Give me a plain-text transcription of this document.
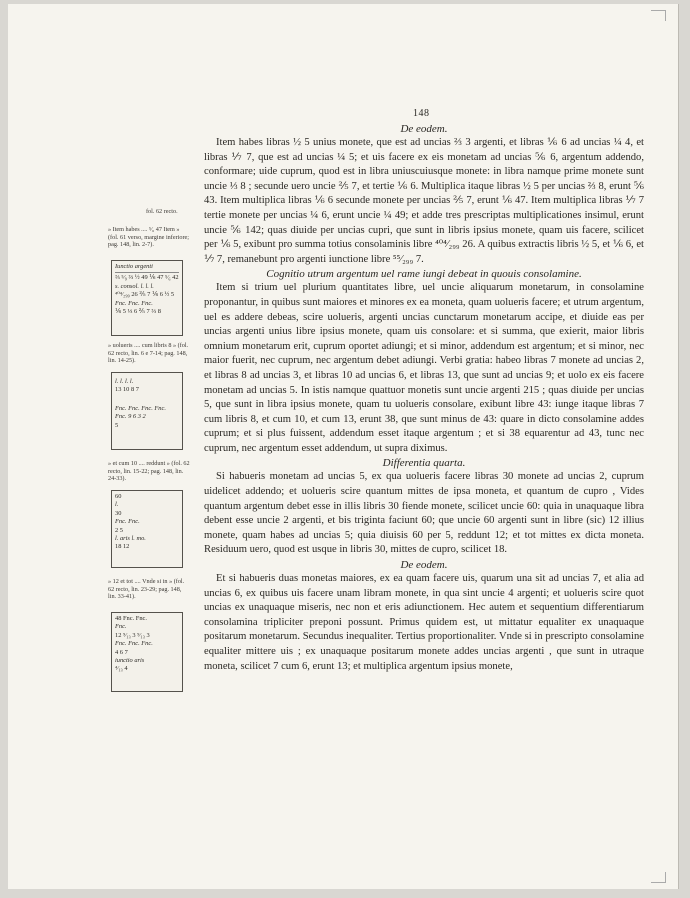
148
fol. 62 recto.
» Item habes .... ⁵⁄₆ 47 Item » (fol. 61 verso, margine inferiore; pag. 148, lin. 2-7).
Iunctio argenti
⅔ ⁵⁄₉ ⅔ ½ 49 ⅙ 47 ⁵⁄₆ 42
s. consol. l. l. l.
⁴⁰⁴⁄₂₉₉ 26 ⅖ 7 ⅙ 6 ½ 5
Fnc. Fnc. Fnc.
⅙ 5 ⅓ 6 ⅖ 7 ⅔ 8
» uolueris .... cum libris 8 » (fol. 62 recto, lin. 6 e 7-14; pag. 148, lin. 14-25).
l. l. l. l.
13 10 8 7
Fnc. Fnc. Fnc. Fnc.
Fnc. 9 6 3 2
5
» et cum 10 .... reddunt » (fol. 62 recto, lin. 15-22; pag. 148, lin. 24-33).
60
l.
30
Fnc. Fnc.
2 5
l. aris l. mo.
18 12
» 12 et tot .... Vnde si in » (fol. 62 recto, lin. 23-29; pag. 148, lin. 33-41).
48 Fnc. Fnc.
Fnc.
12 ⁹⁄₁₃ 3 ⁹⁄₁₃ 3
Fnc. Fnc. Fnc.
4 6 7
iunctio aris
⁴⁄₁₃ 4
De eodem.

Item habes libras ½ 5 unius monete, que est ad uncias ⅔ 3 argenti, et libras ⅙ 6 ad uncias ¼ 4, et libras ⅐ 7, que est ad uncias ¼ 5; et uis facere ex eis monetam ad uncias ⅚ 6, argentum addendo, conformare; uide cuprum, quod est in libra uniuscuiusque monete: in libra namque prime monete sunt uncie ⅓ 8 ; secunde uero uncie ⅖ 7, et tertie ⅙ 6. Multiplica itaque libras ½ 5 per uncias ⅔ 8, erunt ⅚ 43. Item multiplica libras ⅙ 6 secunde monete per uncias ⅖ 7, erunt ⅙ 47. Item multiplica libras ⅐ 7 tertie monete per uncias ¼ 6, erunt uncie ¼ 49; et adde tres prescriptas multiplicationes insimul, erunt uncie ⅚ 142; quas diuide per uncias cupri, que sunt in libris ipsius monete, quam uis facere, scilicet per ⅙ 5, exibunt pro summa totius consolaminis libre ⁴⁰⁴⁄₂₉₉ 26. A quibus extractis libris ½ 5, et ⅙ 6, et ⅐ 7, remanebunt pro argenti iunctione libre ⁵⁵⁄₂₉₉ 7.

Cognitio utrum argentum uel rame iungi debeat in quouis consolamine.

Item si trium uel plurium quantitates libre, uel uncie aliquarum monetarum, in consolamine proponantur, in quibus sunt maiores et minores ex ea moneta, quam uolueris facere; et utrum argentum, uel es addere debeas, scire uolueris, argenti uncias cunctarum monetarum accipe, et diuide eas per uncias argenti unius libre ipsius monete, quam uis consolare: et si summa, que exierit, maior libris omnium monetarum erit, cuprum oportet adiungi; et si minor, addendum est argentum; et si minor, nec maior fuerit, nec cuprum, nec argentum debet adiungi. Verbi gratia: habeo libras 7 monete ad uncias 2, et libras 8 ad uncias 3, et libras 10 ad uncias 6, et libras 13, que sunt ad uncias 9; et uolo ex eis facere monetam ad uncias 5. In istis namque quattuor monetis sunt uncie argenti 215 ; quas diuide per uncias 5, que sunt in libra ipsius monete, quam tu uolueris consolare, exibunt libre 43: iunge itaque libras 7 cum libris 8, et cum 10, et cum 13, erunt 38, que sunt minus de 43: quare in dicto consolamine addes cuprum; et si plus fuissent, addendum esset itaque argentum ; et si 38 equarentur ad 43, tunc nec cuprum, nec argentum esset addendum, ut supra diximus.

Differentia quarta.

Si habueris monetam ad uncias 5, ex qua uolueris facere libras 30 monete ad uncias 2, cuprum uidelicet addendo; et uolueris scire quantum mittes de ipsa moneta, et quantum de cupro , Vides quantum argentum debet esse in illis libris 30 fiende monete, scilicet uncie 60: quia in unaquaque libra debent esse uncie 2 argenti, et bis triginta faciunt 60; que uncie 60 argenti sunt in libre (sic) 12 illius monete, quam habes ad uncias 5; quia diuisis 60 per 5, reddunt 12; et tot mittes ex dicta moneta. Residuum uero, quod est usque in libris 30, mittes de cupro, scilicet 18.

De eodem.

Et si habueris duas monetas maiores, ex ea quam facere uis, quarum una sit ad uncias 7, et alia ad uncias 6, ex quibus uis facere unam libram monete, in qua sint uncie 4 argenti; et uolueris scire quot uncias ex unaquaque miseris, nec non et eris adiunctionem. Hec autem et sequentium differentiarum consolamina tripliciter preponi possunt. Primus quidem est, ut mittatur equaliter ex unaquaque positarum monetarum. Secundus inequaliter. Tertius proportionaliter. Vnde si in prescripto consolamine equaliter mittere uis ; ex unaquaque positarum monete addes uncias argenti , que sunt in utraque moneta, scilicet 7 cum 6, erunt 13; et multiplica argentum ipsius monete,
